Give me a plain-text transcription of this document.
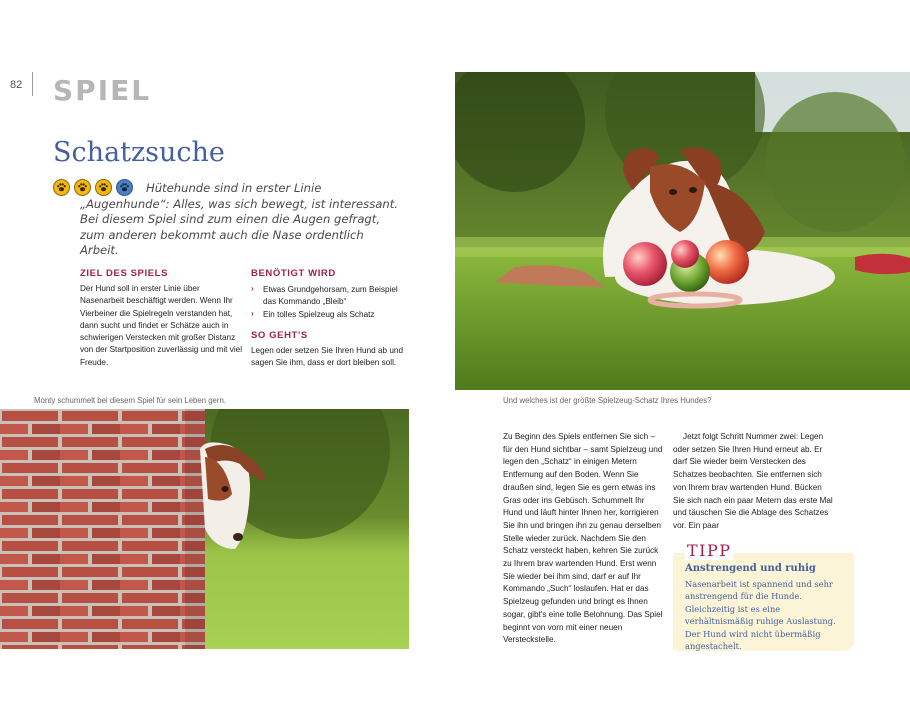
82 SPIEL
Schatzsuche
Hütehunde sind in erster Linie „Augenhunde“: Alles, was sich bewegt, ist interessant. Bei diesem Spiel sind zum einen die Augen gefragt, zum anderen bekommt auch die Nase ordentlich Arbeit.
ZIEL DES SPIELS
Der Hund soll in erster Linie über Nasenarbeit beschäftigt werden. Wenn Ihr Vierbeiner die Spielregeln verstanden hat, dann sucht und findet er Schätze auch in schwierigen Verstecken mit großer Distanz von der Startposition zuverlässig und mit viel Freude.
BENÖTIGT WIRD
› Etwas Grundgehorsam, zum Beispiel das Kommando „Bleib“
› Ein tolles Spielzeug als Schatz
SO GEHT'S
Legen oder setzen Sie Ihren Hund ab und sagen Sie ihm, dass er dort bleiben soll.
Monty schummelt bei diesem Spiel für sein Leben gern.	Und welches ist der größte Spielzeug-Schatz Ihres Hundes?
Zu Beginn des Spiels entfernen Sie sich – für den Hund sichtbar – samt Spielzeug und legen den „Schatz“ in einigen Metern Entfernung auf den Boden. Wenn Sie draußen sind, legen Sie es gern etwas ins Gras oder ins Gebüsch. Schummelt Ihr Hund und läuft hinter Ihnen her, korrigieren Sie ihn und bringen ihn zu genau derselben Stelle wieder zurück. Nachdem Sie den Schatz versteckt haben, kehren Sie zurück zu Ihrem brav wartenden Hund. Erst wenn Sie wieder bei ihm sind, darf er auf Ihr Kommando „Such“ loslaufen. Hat er das Spielzeug gefunden und bringt es Ihnen sogar, gibt's eine tolle Belohnung. Das Spiel beginnt von vorn mit einer neuen Versteckstelle.
Jetzt folgt Schritt Nummer zwei: Legen oder setzen Sie Ihren Hund erneut ab. Er darf Sie wieder beim Verstecken des Schatzes beobachten. Sie entfernen sich von Ihrem brav wartenden Hund. Bücken Sie sich nach ein paar Metern das erste Mal und täuschen Sie die Ablage des Schatzes vor. Ein paar
TIPP
Anstrengend und ruhig
Nasenarbeit ist spannend und sehr anstrengend für die Hunde. Gleichzeitig ist es eine verhältnismäßig ruhige Auslastung. Der Hund wird nicht übermäßig angestachelt.
